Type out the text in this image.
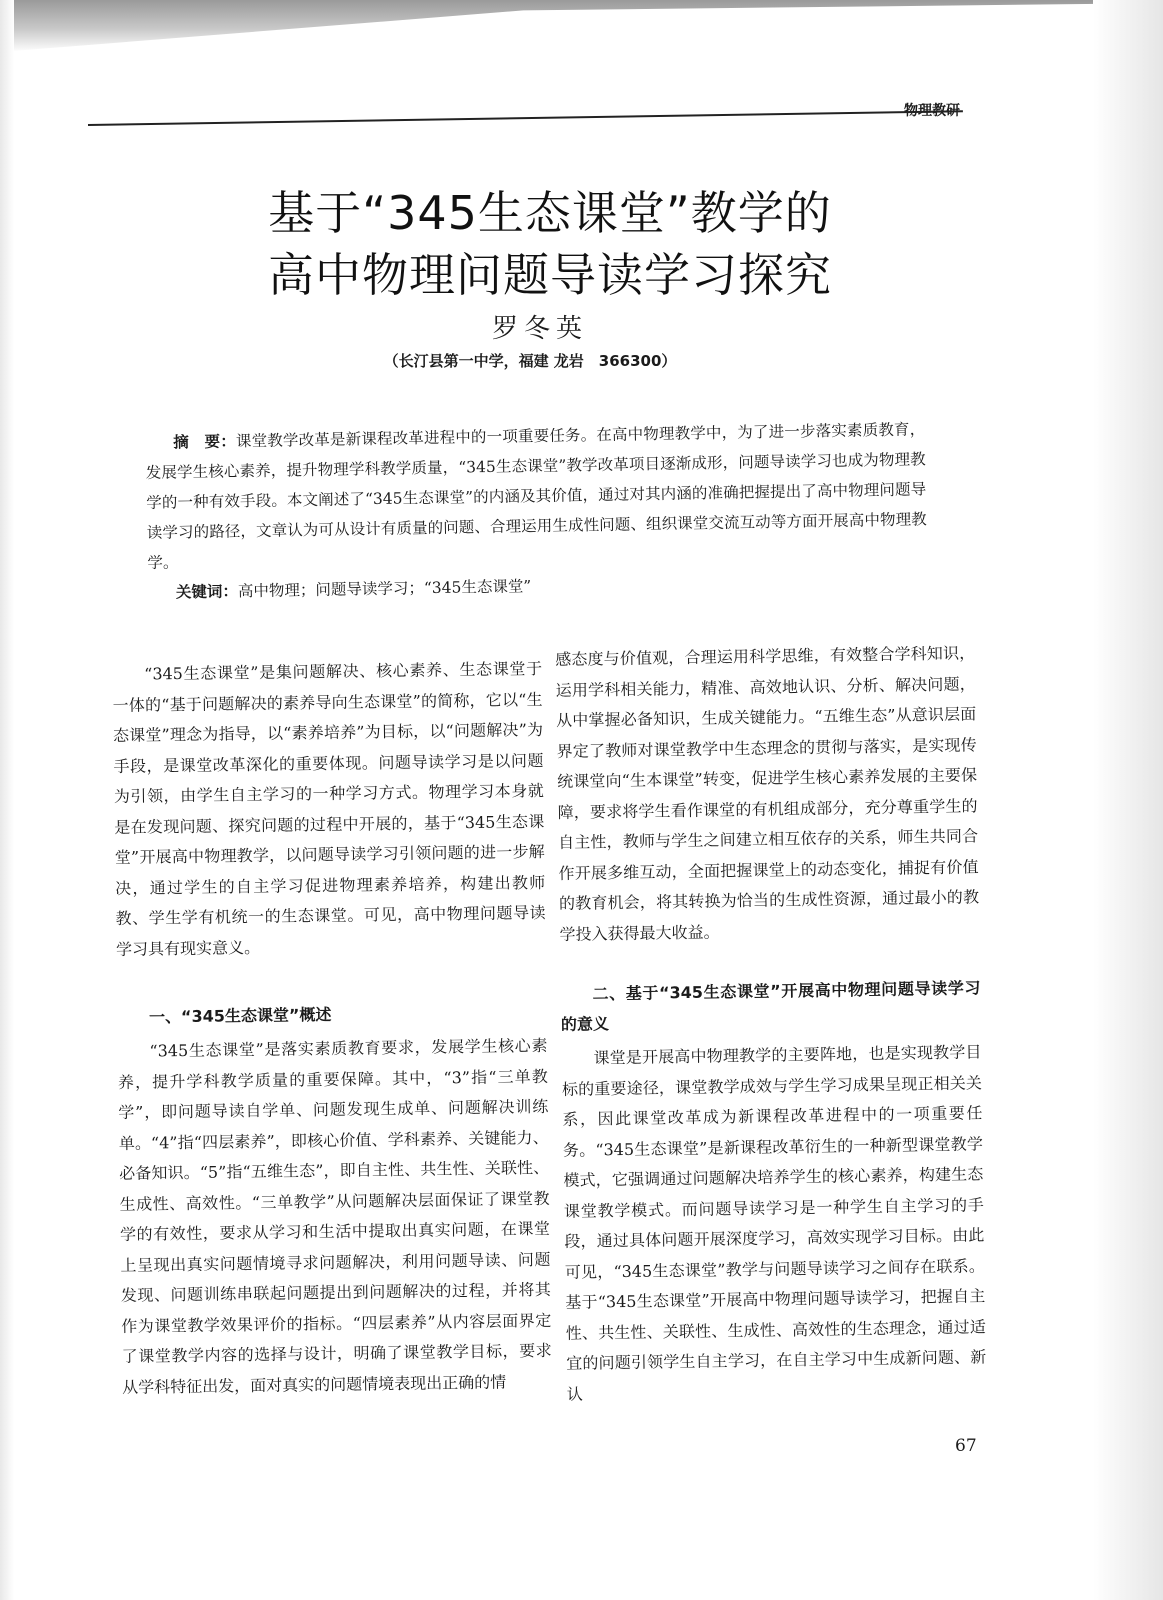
物理教研
基于“345生态课堂”教学的
高中物理问题导读学习探究
罗冬英
（长汀县第一中学，福建 龙岩　366300）

摘　要：课堂教学改革是新课程改革进程中的一项重要任务。在高中物理教学中，为了进一步落实素质教育，发展学生核心素养，提升物理学科教学质量，“345生态课堂”教学改革项目逐渐成形，问题导读学习也成为物理教学的一种有效手段。本文阐述了“345生态课堂”的内涵及其价值，通过对其内涵的准确把握提出了高中物理问题导读学习的路径，文章认为可从设计有质量的问题、合理运用生成性问题、组织课堂交流互动等方面开展高中物理教学。

关键词：高中物理；问题导读学习；“345生态课堂”

“345生态课堂”是集问题解决、核心素养、生态课堂于一体的“基于问题解决的素养导向生态课堂”的简称，它以“生态课堂”理念为指导，以“素养培养”为目标，以“问题解决”为手段，是课堂改革深化的重要体现。问题导读学习是以问题为引领，由学生自主学习的一种学习方式。物理学习本身就是在发现问题、探究问题的过程中开展的，基于“345生态课堂”开展高中物理教学，以问题导读学习引领问题的进一步解决，通过学生的自主学习促进物理素养培养，构建出教师教、学生学有机统一的生态课堂。可见，高中物理问题导读学习具有现实意义。

一、“345生态课堂”概述

“345生态课堂”是落实素质教育要求，发展学生核心素养，提升学科教学质量的重要保障。其中，“3”指“三单教学”，即问题导读自学单、问题发现生成单、问题解决训练单。“4”指“四层素养”，即核心价值、学科素养、关键能力、必备知识。“5”指“五维生态”，即自主性、共生性、关联性、生成性、高效性。“三单教学”从问题解决层面保证了课堂教学的有效性，要求从学习和生活中提取出真实问题，在课堂上呈现出真实问题情境寻求问题解决，利用问题导读、问题发现、问题训练串联起问题提出到问题解决的过程，并将其作为课堂教学效果评价的指标。“四层素养”从内容层面界定了课堂教学内容的选择与设计，明确了课堂教学目标，要求从学科特征出发，面对真实的问题情境表现出正确的情

感态度与价值观，合理运用科学思维，有效整合学科知识，运用学科相关能力，精准、高效地认识、分析、解决问题，从中掌握必备知识，生成关键能力。“五维生态”从意识层面界定了教师对课堂教学中生态理念的贯彻与落实，是实现传统课堂向“生本课堂”转变，促进学生核心素养发展的主要保障，要求将学生看作课堂的有机组成部分，充分尊重学生的自主性，教师与学生之间建立相互依存的关系，师生共同合作开展多维互动，全面把握课堂上的动态变化，捕捉有价值的教育机会，将其转换为恰当的生成性资源，通过最小的教学投入获得最大收益。

二、基于“345生态课堂”开展高中物理问题导读学习的意义

课堂是开展高中物理教学的主要阵地，也是实现教学目标的重要途径，课堂教学成效与学生学习成果呈现正相关关系，因此课堂改革成为新课程改革进程中的一项重要任务。“345生态课堂”是新课程改革衍生的一种新型课堂教学模式，它强调通过问题解决培养学生的核心素养，构建生态课堂教学模式。而问题导读学习是一种学生自主学习的手段，通过具体问题开展深度学习，高效实现学习目标。由此可见，“345生态课堂”教学与问题导读学习之间存在联系。基于“345生态课堂”开展高中物理问题导读学习，把握自主性、共生性、关联性、生成性、高效性的生态理念，通过适宜的问题引领学生自主学习，在自主学习中生成新问题、新认

67
